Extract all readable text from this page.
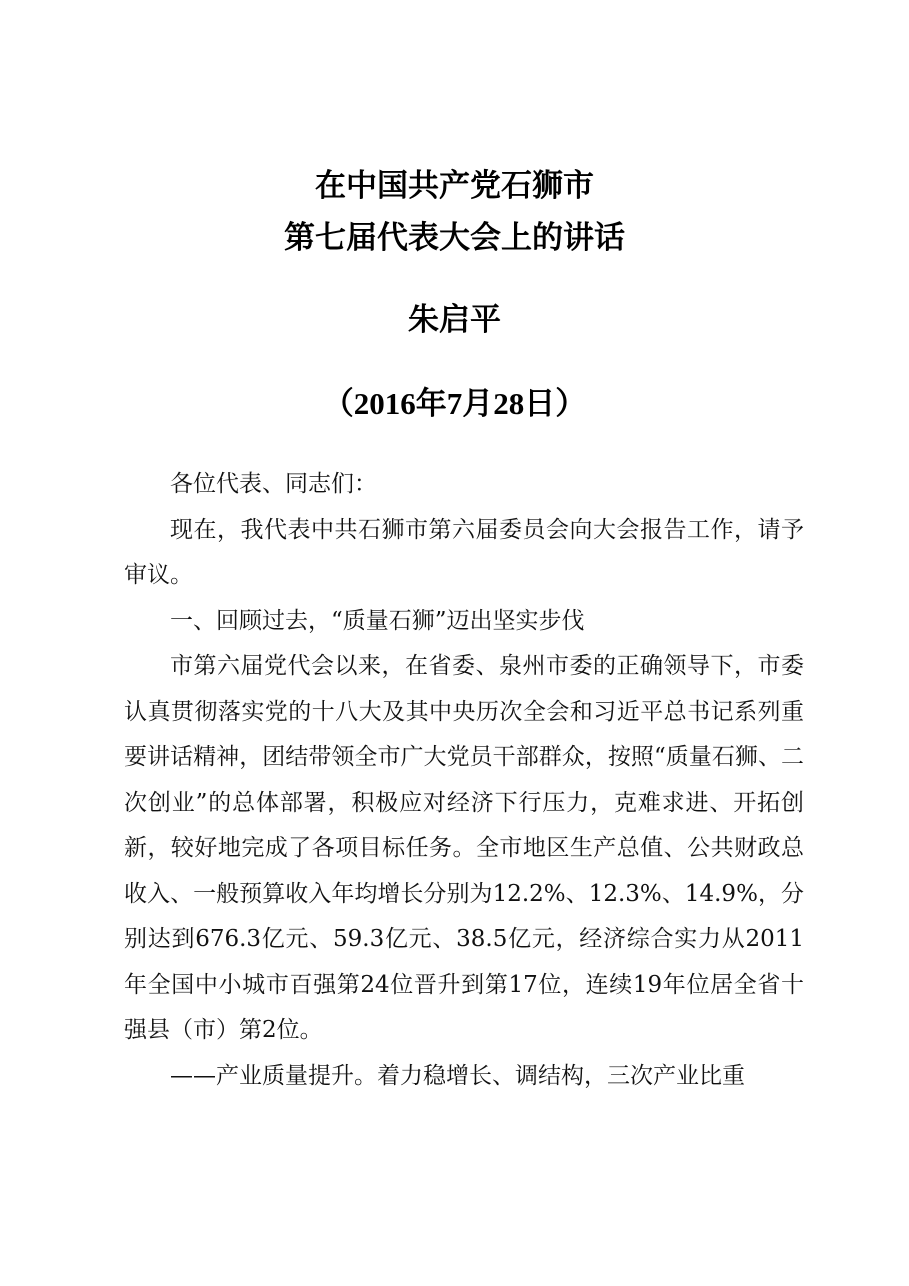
在中国共产党石狮市
第七届代表大会上的讲话
朱启平
（2016年7月28日）

各位代表、同志们：

现在，我代表中共石狮市第六届委员会向大会报告工作，请予审议。

一、回顾过去，“质量石狮”迈出坚实步伐

市第六届党代会以来，在省委、泉州市委的正确领导下，市委认真贯彻落实党的十八大及其中央历次全会和习近平总书记系列重要讲话精神，团结带领全市广大党员干部群众，按照“质量石狮、二次创业”的总体部署，积极应对经济下行压力，克难求进、开拓创新，较好地完成了各项目标任务。全市地区生产总值、公共财政总收入、一般预算收入年均增长分别为12.2%、12.3%、14.9%，分别达到676.3亿元、59.3亿元、38.5亿元，经济综合实力从2011年全国中小城市百强第24位晋升到第17位，连续19年位居全省十强县（市）第2位。

——产业质量提升。着力稳增长、调结构，三次产业比重
